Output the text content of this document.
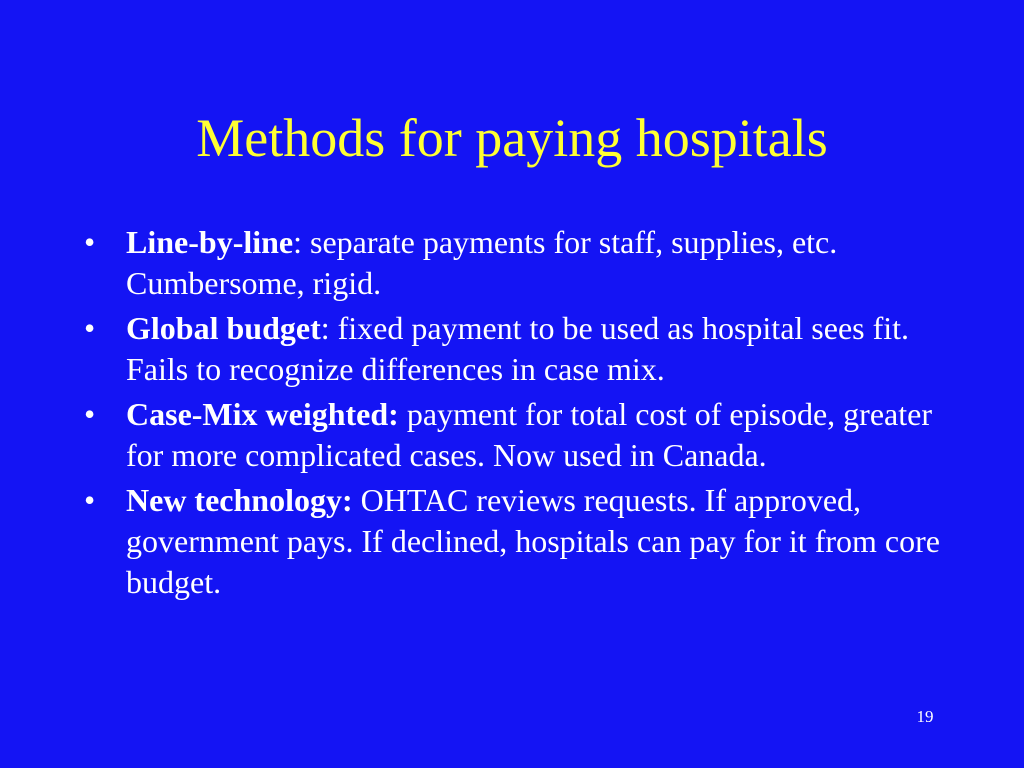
Methods for paying hospitals
• Line-by-line: separate payments for staff, supplies, etc. Cumbersome, rigid.
• Global budget: fixed payment to be used as hospital sees fit. Fails to recognize differences in case mix.
• Case-Mix weighted: payment for total cost of episode, greater for more complicated cases. Now used in Canada.
• New technology: OHTAC reviews requests. If approved, government pays. If declined, hospitals can pay for it from core budget.
19
